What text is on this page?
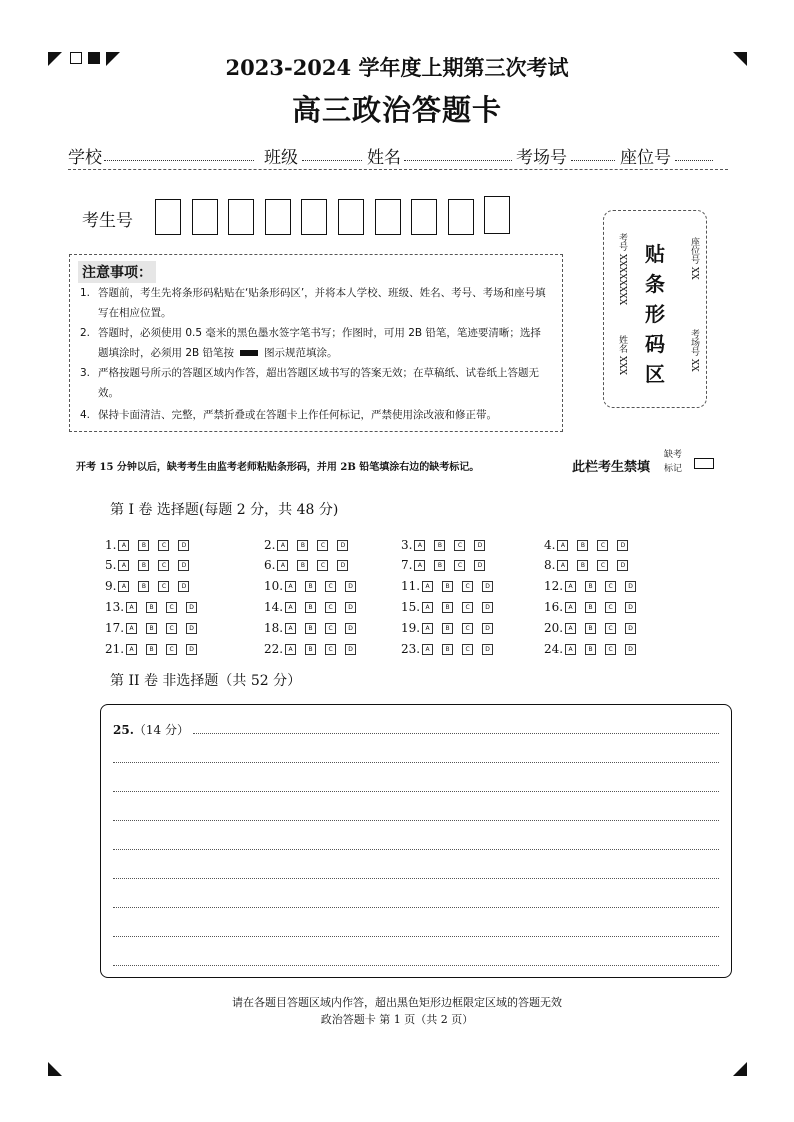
2023-2024 学年度上期第三次考试
高三政治答题卡
学校	班级	姓名	考场号	座位号
考生号
注意事项：
1. 答题前，考生先将条形码粘贴在‘贴条形码区’，并将本人学校、班级、姓名、考号、考场和座号填写在相应位置。
2. 答题时，必须使用 0.5 毫米的黑色墨水签字笔书写；作图时，可用 2B 铅笔，笔迹要清晰；选择题填涂时，必须用 2B 铅笔按	图示规范填涂。
3. 严格按题号所示的答题区域内作答，超出答题区域书写的答案无效；在草稿纸、试卷纸上答题无效。
4. 保持卡面清洁、完整，严禁折叠或在答题卡上作任何标记，严禁使用涂改液和修正带。
贴
条
形
码
区
考号 XXXXXXXX
姓名 XXX
座位号 XX
考场号 XX
开考 15 分钟以后，缺考考生由监考老师粘贴条形码，并用 2B 铅笔填涂右边的缺考标记。	此栏考生禁填
缺考标记
第 I 卷 选择题(每题 2 分，共 48 分)
1. A	B	C	D	2. A	B	C	D	3. A	B	C	D	4. A	B	C	D
5. A	B	C	D	6. A	B	C	D	7. A	B	C	D	8. A	B	C	D
9. A	B	C	D	10. A	B	C	D	11. A	B	C	D	12. A	B	C	D
13. A	B	C	D	14. A	B	C	D	15. A	B	C	D	16. A	B	C	D
17. A	B	C	D	18. A	B	C	D	19. A	B	C	D	20. A	B	C	D
21. A	B	C	D	22. A	B	C	D	23. A	B	C	D	24. A	B	C	D
第 II 卷 非选择题（共 52 分）
25.（14 分）
请在各题目答题区域内作答，超出黑色矩形边框限定区域的答题无效
政治答题卡 第 1 页（共 2 页）
